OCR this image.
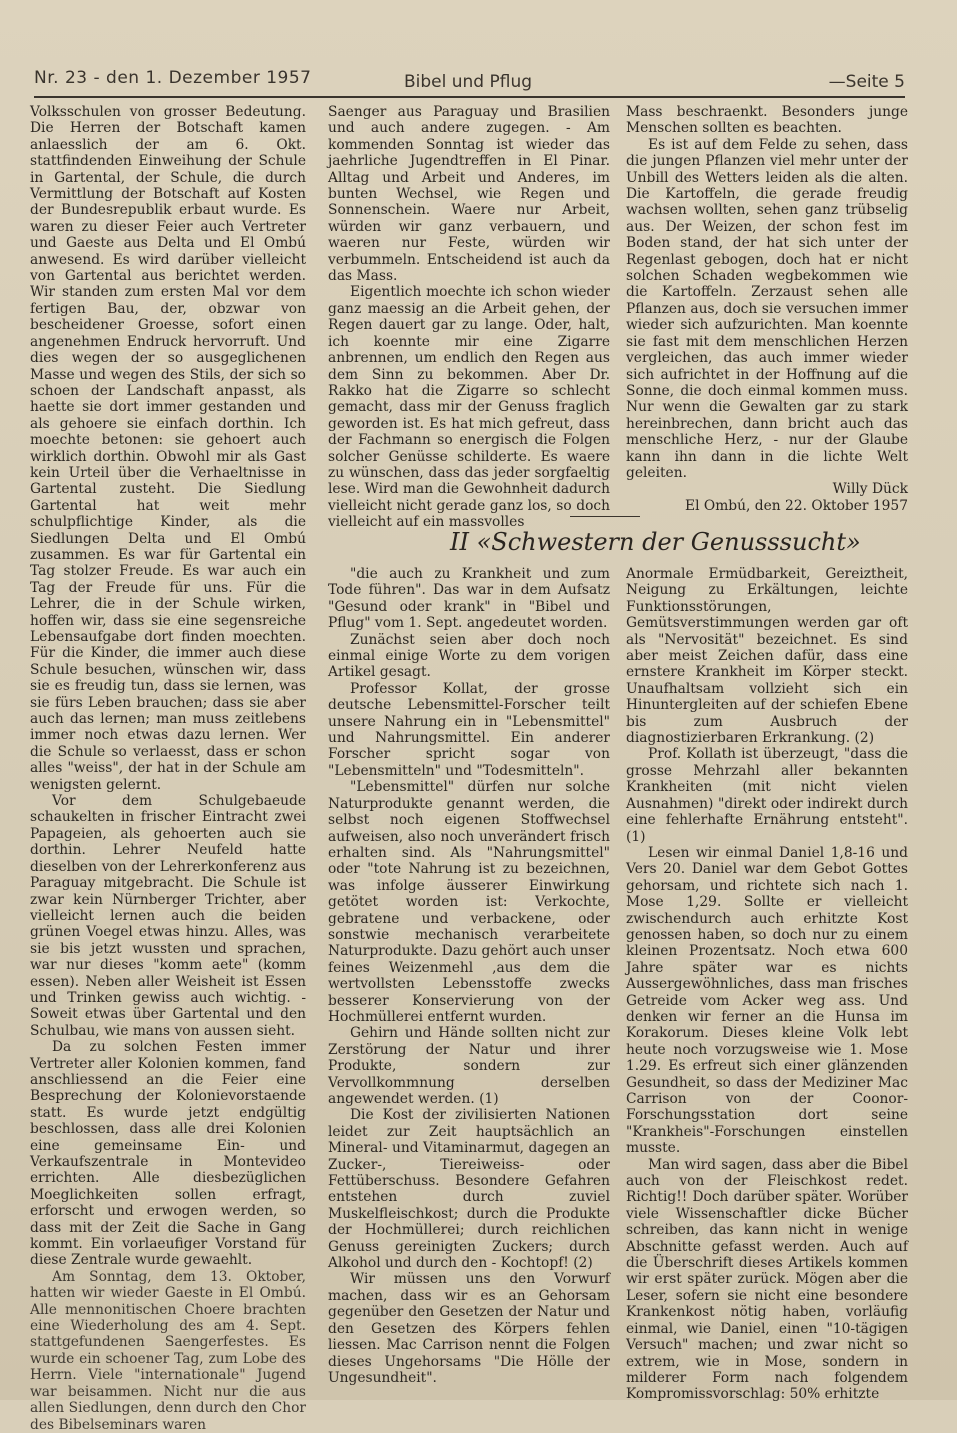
Nr. 23 - den 1. Dezember 1957	Bibel und Pflug	—Seite 5

Volksschulen von grosser Bedeutung. Die Herren der Botschaft kamen anlaesslich der am 6. Okt. stattfindenden Einweihung der Schule in Gartental, der Schule, die durch Vermittlung der Botschaft auf Kosten der Bundesrepublik erbaut wurde. Es waren zu dieser Feier auch Vertreter und Gaeste aus Delta und El Ombú anwesend. Es wird darüber vielleicht von Gartental aus berichtet werden. Wir standen zum ersten Mal vor dem fertigen Bau, der, obzwar von bescheidener Groesse, sofort einen angenehmen Endruck hervorruft. Und dies wegen der so ausgeglichenen Masse und wegen des Stils, der sich so schoen der Landschaft anpasst, als haette sie dort immer gestanden und als gehoere sie einfach dorthin. Ich moechte betonen: sie gehoert auch wirklich dorthin. Obwohl mir als Gast kein Urteil über die Verhaeltnisse in Gartental zusteht. Die Siedlung Gartental hat weit mehr schulpflichtige Kinder, als die Siedlungen Delta und El Ombú zusammen. Es war für Gartental ein Tag stolzer Freude. Es war auch ein Tag der Freude für uns. Für die Lehrer, die in der Schule wirken, hoffen wir, dass sie eine segensreiche Lebensaufgabe dort finden moechten. Für die Kinder, die immer auch diese Schule besuchen, wünschen wir, dass sie es freudig tun, dass sie lernen, was sie fürs Leben brauchen; dass sie aber auch das lernen; man muss zeitlebens immer noch etwas dazu lernen. Wer die Schule so verlaesst, dass er schon alles "weiss", der hat in der Schule am wenigsten gelernt.

Vor dem Schulgebaeude schaukelten in frischer Eintracht zwei Papageien, als gehoerten auch sie dorthin. Lehrer Neufeld hatte dieselben von der Lehrerkonferenz aus Paraguay mitgebracht. Die Schule ist zwar kein Nürnberger Trichter, aber vielleicht lernen auch die beiden grünen Voegel etwas hinzu. Alles, was sie bis jetzt wussten und sprachen, war nur dieses "komm aete" (komm essen). Neben aller Weisheit ist Essen und Trinken gewiss auch wichtig. - Soweit etwas über Gartental und den Schulbau, wie mans von aussen sieht.

Da zu solchen Festen immer Vertreter aller Kolonien kommen, fand anschliessend an die Feier eine Besprechung der Kolonievorstaende statt. Es wurde jetzt endgültig beschlossen, dass alle drei Kolonien eine gemeinsame Ein- und Verkaufszentrale in Montevideo errichten. Alle diesbezüglichen Moeglichkeiten sollen erfragt, erforscht und erwogen werden, so dass mit der Zeit die Sache in Gang kommt. Ein vorlaeufiger Vorstand für diese Zentrale wurde gewaehlt.

Am Sonntag, dem 13. Oktober, hatten wir wieder Gaeste in El Ombú. Alle mennonitischen Choere brachten eine Wiederholung des am 4. Sept. stattgefundenen Saengerfestes. Es wurde ein schoener Tag, zum Lobe des Herrn. Viele "internationale" Jugend war beisammen. Nicht nur die aus allen Siedlungen, denn durch den Chor des Bibelseminars waren

Saenger aus Paraguay und Brasilien und auch andere zugegen. - Am kommenden Sonntag ist wieder das jaehrliche Jugendtreffen in El Pinar. Alltag und Arbeit und Anderes, im bunten Wechsel, wie Regen und Sonnenschein. Waere nur Arbeit, würden wir ganz verbauern, und waeren nur Feste, würden wir verbummeln. Entscheidend ist auch da das Mass.

Eigentlich moechte ich schon wieder ganz maessig an die Arbeit gehen, der Regen dauert gar zu lange. Oder, halt, ich koennte mir eine Zigarre anbrennen, um endlich den Regen aus dem Sinn zu bekommen. Aber Dr. Rakko hat die Zigarre so schlecht gemacht, dass mir der Genuss fraglich geworden ist. Es hat mich gefreut, dass der Fachmann so energisch die Folgen solcher Genüsse schilderte. Es waere zu wünschen, dass das jeder sorgfaeltig lese. Wird man die Gewohnheit dadurch vielleicht nicht gerade ganz los, so doch vielleicht auf ein massvolles

Mass beschraenkt. Besonders junge Menschen sollten es beachten.

Es ist auf dem Felde zu sehen, dass die jungen Pflanzen viel mehr unter der Unbill des Wetters leiden als die alten. Die Kartoffeln, die gerade freudig wachsen wollten, sehen ganz trübselig aus. Der Weizen, der schon fest im Boden stand, der hat sich unter der Regenlast gebogen, doch hat er nicht solchen Schaden wegbekommen wie die Kartoffeln. Zerzaust sehen alle Pflanzen aus, doch sie versuchen immer wieder sich aufzurichten. Man koennte sie fast mit dem menschlichen Herzen vergleichen, das auch immer wieder sich aufrichtet in der Hoffnung auf die Sonne, die doch einmal kommen muss. Nur wenn die Gewalten gar zu stark hereinbrechen, dann bricht auch das menschliche Herz, - nur der Glaube kann ihn dann in die lichte Welt geleiten.

Willy Dück

El Ombú, den 22. Oktober 1957

II «Schwestern der Genusssucht»

"die auch zu Krankheit und zum Tode führen". Das war in dem Aufsatz "Gesund oder krank" in "Bibel und Pflug" vom 1. Sept. angedeutet worden.

Zunächst seien aber doch noch einmal einige Worte zu dem vorigen Artikel gesagt.

Professor Kollat, der grosse deutsche Lebensmittel-Forscher teilt unsere Nahrung ein in "Lebensmittel" und Nahrungsmittel. Ein anderer Forscher spricht sogar von "Lebensmitteln" und "Todesmitteln".

"Lebensmittel" dürfen nur solche Naturprodukte genannt werden, die selbst noch eigenen Stoffwechsel aufweisen, also noch unverändert frisch erhalten sind. Als "Nahrungsmittel" oder "tote Nahrung ist zu bezeichnen, was infolge äusserer Einwirkung getötet worden ist: Verkochte, gebratene und verbackene, oder sonstwie mechanisch verarbeitete Naturprodukte. Dazu gehört auch unser feines Weizenmehl ,aus dem die wertvollsten Lebensstoffe zwecks besserer Konservierung von der Hochmüllerei entfernt wurden.

Gehirn und Hände sollten nicht zur Zerstörung der Natur und ihrer Produkte, sondern zur Vervollkommnung derselben angewendet werden. (1)

Die Kost der zivilisierten Nationen leidet zur Zeit hauptsächlich an Mineral- und Vitaminarmut, dagegen an Zucker-, Tiereiweiss- oder Fettüberschuss. Besondere Gefahren entstehen durch zuviel Muskelfleischkost; durch die Produkte der Hochmüllerei; durch reichlichen Genuss gereinigten Zuckers; durch Alkohol und durch den - Kochtopf! (2)

Wir müssen uns den Vorwurf machen, dass wir es an Gehorsam gegenüber den Gesetzen der Natur und den Gesetzen des Körpers fehlen liessen. Mac Carrison nennt die Folgen dieses Ungehorsams "Die Hölle der Ungesundheit".

Anormale Ermüdbarkeit, Gereiztheit, Neigung zu Erkältungen, leichte Funktionsstörungen, Gemütsverstimmungen werden gar oft als "Nervosität" bezeichnet. Es sind aber meist Zeichen dafür, dass eine ernstere Krankheit im Körper steckt. Unaufhaltsam vollzieht sich ein Hinuntergleiten auf der schiefen Ebene bis zum Ausbruch der diagnostizierbaren Erkrankung. (2)

Prof. Kollath ist überzeugt, "dass die grosse Mehrzahl aller bekannten Krankheiten (mit nicht vielen Ausnahmen) "direkt oder indirekt durch eine fehlerhafte Ernährung entsteht". (1)

Lesen wir einmal Daniel 1,8-16 und Vers 20. Daniel war dem Gebot Gottes gehorsam, und richtete sich nach 1. Mose 1,29. Sollte er vielleicht zwischendurch auch erhitzte Kost genossen haben, so doch nur zu einem kleinen Prozentsatz. Noch etwa 600 Jahre später war es nichts Aussergewöhnliches, dass man frisches Getreide vom Acker weg ass. Und denken wir ferner an die Hunsa im Korakorum. Dieses kleine Volk lebt heute noch vorzugsweise wie 1. Mose 1.29. Es erfreut sich einer glänzenden Gesundheit, so dass der Mediziner Mac Carrison von der Coonor-Forschungsstation dort seine "Krankheis"-Forschungen einstellen musste.

Man wird sagen, dass aber die Bibel auch von der Fleischkost redet. Richtig!! Doch darüber später. Worüber viele Wissenschaftler dicke Bücher schreiben, das kann nicht in wenige Abschnitte gefasst werden. Auch auf die Überschrift dieses Artikels kommen wir erst später zurück. Mögen aber die Leser, sofern sie nicht eine besondere Krankenkost nötig haben, vorläufig einmal, wie Daniel, einen "10-tägigen Versuch" machen; und zwar nicht so extrem, wie in Mose, sondern in milderer Form nach folgendem Kompromissvorschlag: 50% erhitzte
